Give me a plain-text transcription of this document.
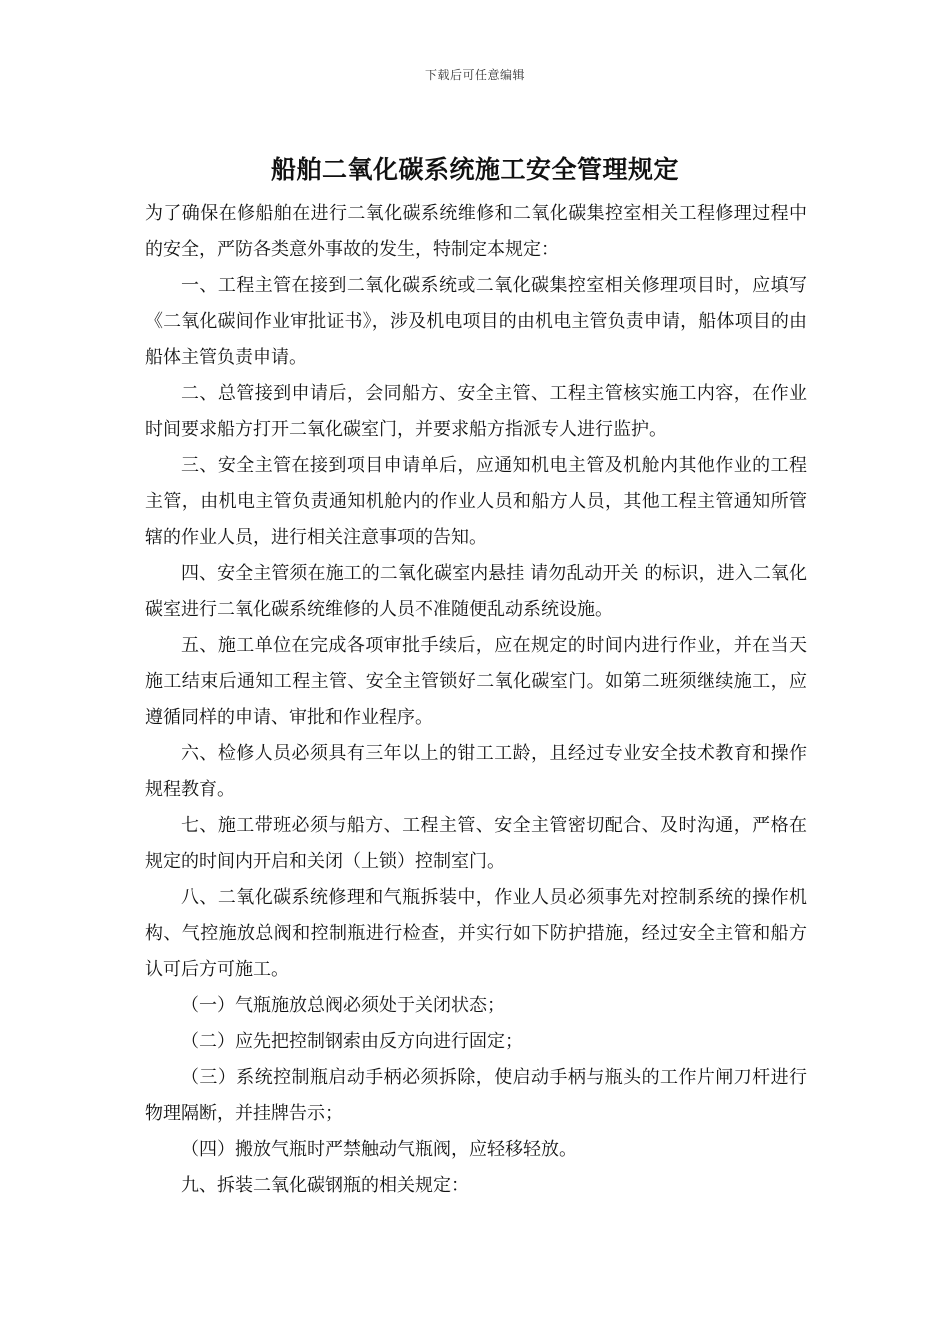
下载后可任意编辑
船舶二氧化碳系统施工安全管理规定

为了确保在修船舶在进行二氧化碳系统维修和二氧化碳集控室相关工程修理过程中的安全，严防各类意外事故的发生，特制定本规定：

一、工程主管在接到二氧化碳系统或二氧化碳集控室相关修理项目时，应填写《二氧化碳间作业审批证书》，涉及机电项目的由机电主管负责申请，船体项目的由船体主管负责申请。

二、总管接到申请后，会同船方、安全主管、工程主管核实施工内容，在作业时间要求船方打开二氧化碳室门，并要求船方指派专人进行监护。

三、安全主管在接到项目申请单后，应通知机电主管及机舱内其他作业的工程主管，由机电主管负责通知机舱内的作业人员和船方人员，其他工程主管通知所管辖的作业人员，进行相关注意事项的告知。

四、安全主管须在施工的二氧化碳室内悬挂 请勿乱动开关 的标识，进入二氧化碳室进行二氧化碳系统维修的人员不准随便乱动系统设施。

五、施工单位在完成各项审批手续后，应在规定的时间内进行作业，并在当天施工结束后通知工程主管、安全主管锁好二氧化碳室门。如第二班须继续施工，应遵循同样的申请、审批和作业程序。

六、检修人员必须具有三年以上的钳工工龄，且经过专业安全技术教育和操作规程教育。

七、施工带班必须与船方、工程主管、安全主管密切配合、及时沟通，严格在规定的时间内开启和关闭（上锁）控制室门。

八、二氧化碳系统修理和气瓶拆装中，作业人员必须事先对控制系统的操作机构、气控施放总阀和控制瓶进行检查，并实行如下防护措施，经过安全主管和船方认可后方可施工。

（一）气瓶施放总阀必须处于关闭状态；

（二）应先把控制钢索由反方向进行固定；

（三）系统控制瓶启动手柄必须拆除，使启动手柄与瓶头的工作片闸刀杆进行物理隔断，并挂牌告示；

（四）搬放气瓶时严禁触动气瓶阀，应轻移轻放。

九、拆装二氧化碳钢瓶的相关规定：
